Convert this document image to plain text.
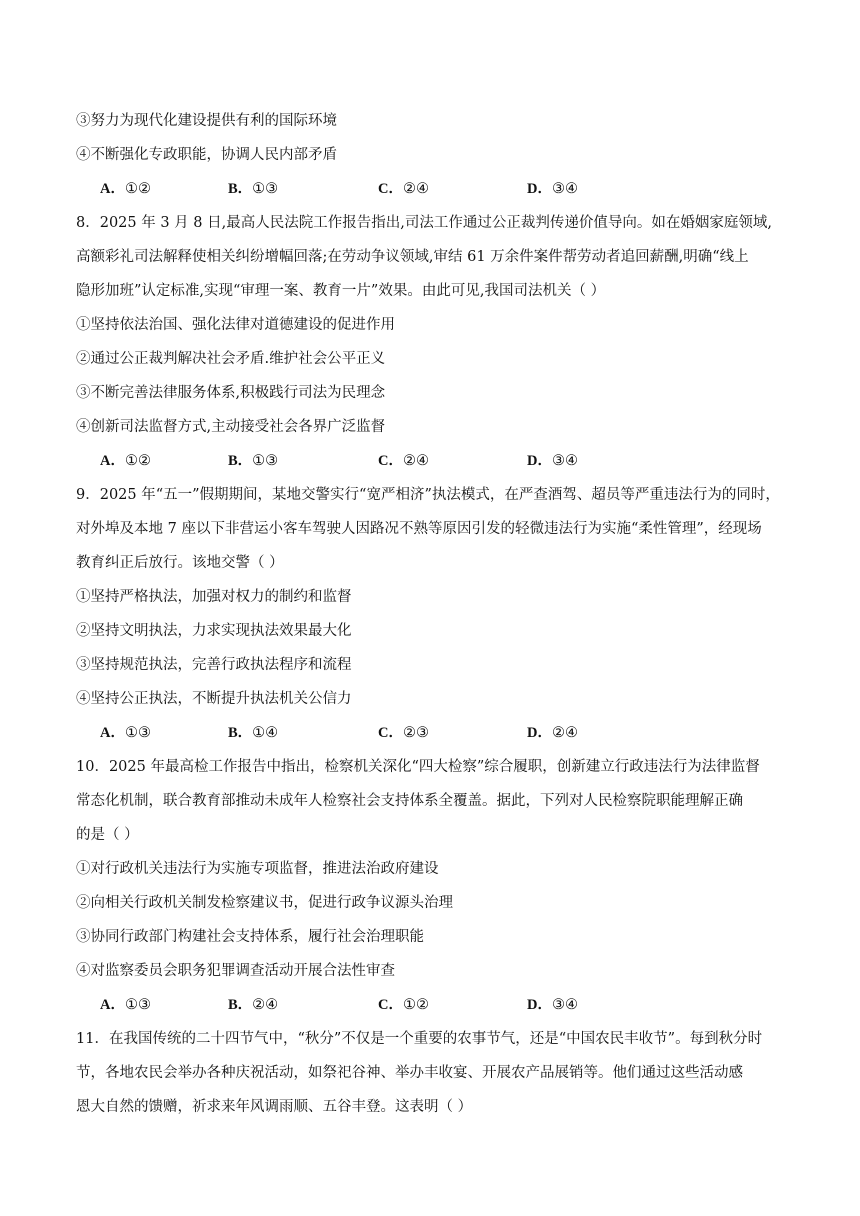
③努力为现代化建设提供有利的国际环境
④不断强化专政职能，协调人民内部矛盾
A．①②	B．①③	C．②④	D．③④
8．2025 年 3 月 8 日,最高人民法院工作报告指出,司法工作通过公正裁判传递价值导向。如在婚姻家庭领域,
高额彩礼司法解释使相关纠纷增幅回落;在劳动争议领域,审结 61 万余件案件帮劳动者追回薪酬,明确“线上
隐形加班”认定标准,实现“审理一案、教育一片”效果。由此可见,我国司法机关（ ）
①坚持依法治国、强化法律对道德建设的促进作用
②通过公正裁判解决社会矛盾.维护社会公平正义
③不断完善法律服务体系,积极践行司法为民理念
④创新司法监督方式,主动接受社会各界广泛监督
A．①②	B．①③	C．②④	D．③④
9．2025 年“五一”假期期间，某地交警实行“宽严相济”执法模式，在严查酒驾、超员等严重违法行为的同时，
对外埠及本地 7 座以下非营运小客车驾驶人因路况不熟等原因引发的轻微违法行为实施“柔性管理”，经现场
教育纠正后放行。该地交警（ ）
①坚持严格执法，加强对权力的制约和监督
②坚持文明执法，力求实现执法效果最大化
③坚持规范执法，完善行政执法程序和流程
④坚持公正执法，不断提升执法机关公信力
A．①③	B．①④	C．②③	D．②④
10．2025 年最高检工作报告中指出，检察机关深化“四大检察”综合履职，创新建立行政违法行为法律监督
常态化机制，联合教育部推动未成年人检察社会支持体系全覆盖。据此，下列对人民检察院职能理解正确
的是（ ）
①对行政机关违法行为实施专项监督，推进法治政府建设
②向相关行政机关制发检察建议书，促进行政争议源头治理
③协同行政部门构建社会支持体系，履行社会治理职能
④对监察委员会职务犯罪调查活动开展合法性审查
A．①③	B．②④	C．①②	D．③④
11．在我国传统的二十四节气中，“秋分”不仅是一个重要的农事节气，还是“中国农民丰收节”。每到秋分时
节，各地农民会举办各种庆祝活动，如祭祀谷神、举办丰收宴、开展农产品展销等。他们通过这些活动感
恩大自然的馈赠，祈求来年风调雨顺、五谷丰登。这表明（ ）
